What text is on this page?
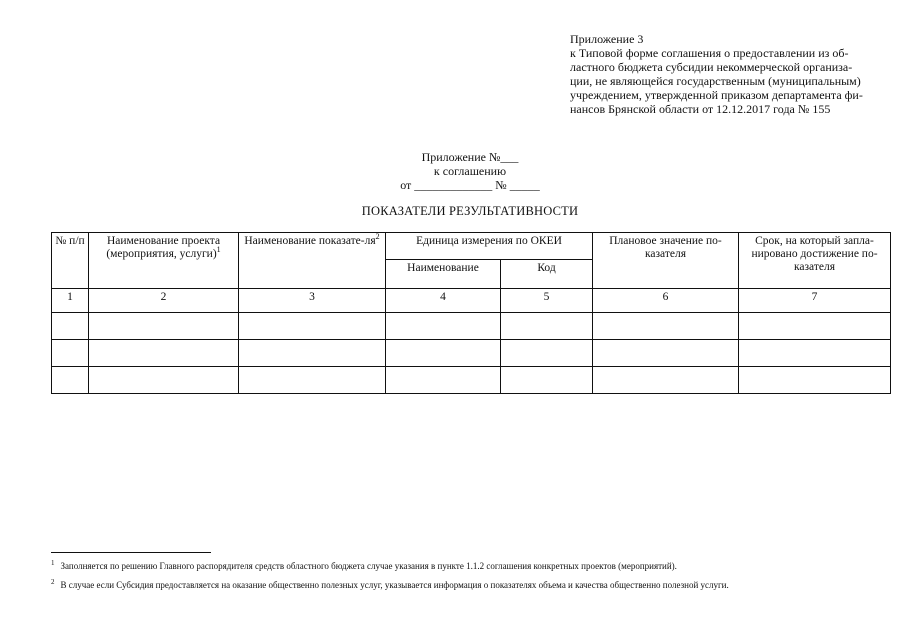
Приложение 3
к Типовой форме соглашения о предоставлении из об-
ластного бюджета субсидии некоммерческой организа-
ции, не являющейся государственным (муниципальным)
учреждением, утвержденной приказом департамента фи-
нансов Брянской области от 12.12.2017 года № 155
Приложение №___
к соглашению
от _____________ № _____
ПОКАЗАТЕЛИ РЕЗУЛЬТАТИВНОСТИ
№ п/п	Наименование проекта (мероприятия, услуги)$^1$	Наименование показате-$ля^2$	Единица измерения по ОКЕИ		Плановое значение по-казателя	Срок, на который запла-нировано достижение по-казателя
			Наименование	Код		
1	2	3	4	5	6	7

$^1$ Заполняется по решению Главного распорядителя средств областного бюджета случае указания в пункте 1.1.2 соглашения конкретных проектов (мероприятий).
$^2$ В случае если Субсидия предоставляется на оказание общественно полезных услуг, указывается информация о показателях объема и качества общественно полезной услуги.
